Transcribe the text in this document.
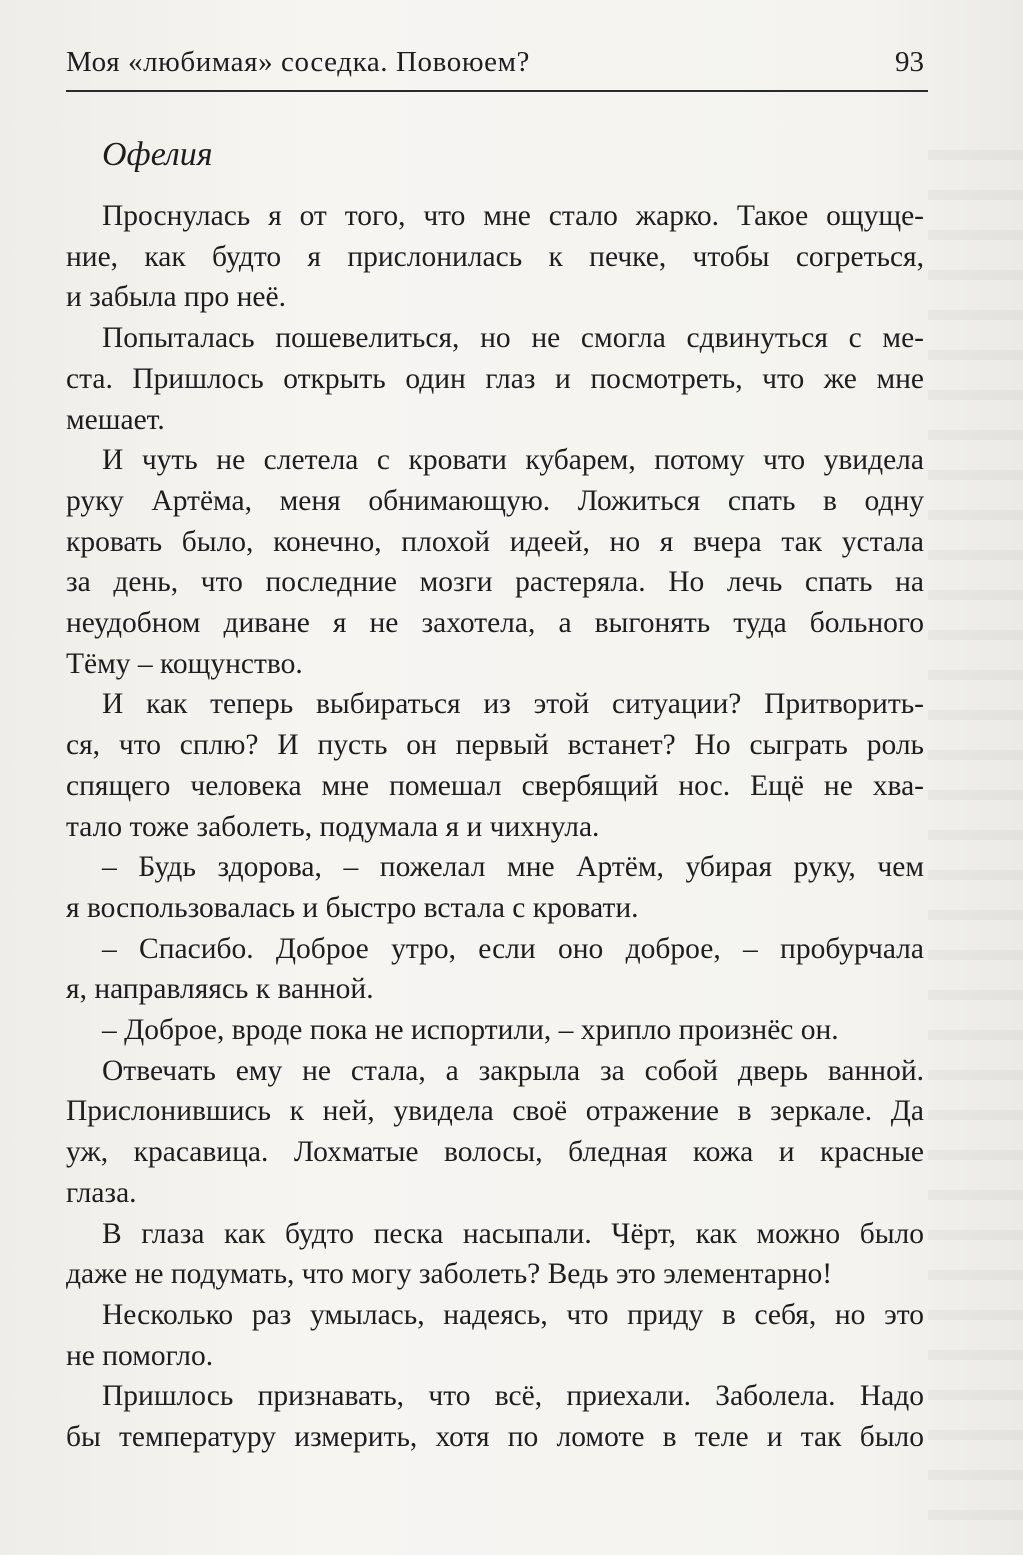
Моя «любимая» соседка. Повоюем?	93
Офелия

Проснулась я от того, что мне стало жарко. Такое ощуще-
ние, как будто я прислонилась к печке, чтобы согреться,
и забыла про неё.

Попыталась пошевелиться, но не смогла сдвинуться с ме-
ста. Пришлось открыть один глаз и посмотреть, что же мне
мешает.

И чуть не слетела с кровати кубарем, потому что увидела
руку Артёма, меня обнимающую. Ложиться спать в одну
кровать было, конечно, плохой идеей, но я вчера так устала
за день, что последние мозги растеряла. Но лечь спать на
неудобном диване я не захотела, а выгонять туда больного
Тёму – кощунство.

И как теперь выбираться из этой ситуации? Притворить-
ся, что сплю? И пусть он первый встанет? Но сыграть роль
спящего человека мне помешал свербящий нос. Ещё не хва-
тало тоже заболеть, подумала я и чихнула.

– Будь здорова, – пожелал мне Артём, убирая руку, чем
я воспользовалась и быстро встала с кровати.

– Спасибо. Доброе утро, если оно доброе, – пробурчала
я, направляясь к ванной.

– Доброе, вроде пока не испортили, – хрипло произнёс он.

Отвечать ему не стала, а закрыла за собой дверь ванной.
Прислонившись к ней, увидела своё отражение в зеркале. Да
уж, красавица. Лохматые волосы, бледная кожа и красные
глаза.

В глаза как будто песка насыпали. Чёрт, как можно было
даже не подумать, что могу заболеть? Ведь это элементарно!

Несколько раз умылась, надеясь, что приду в себя, но это
не помогло.

Пришлось признавать, что всё, приехали. Заболела. Надо
бы температуру измерить, хотя по ломоте в теле и так было
